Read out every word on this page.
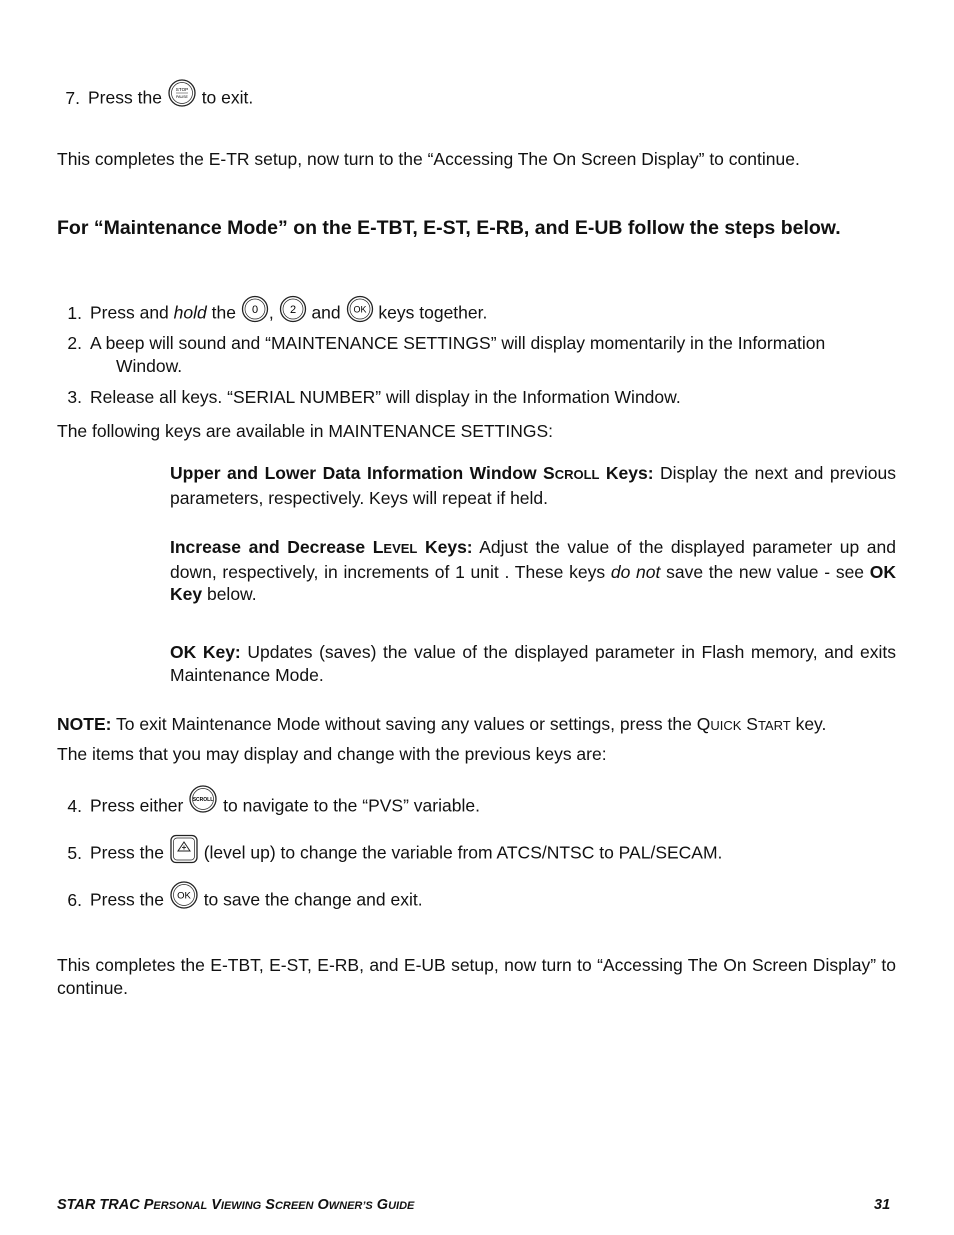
7. Press the	STOP
PAUSE to exit.
This completes the E-TR setup, now turn to the “Accessing The On Screen Display” to continue.
For “Maintenance Mode” on the E-TBT, E-ST, E-RB, and E-UB follow the steps below.
1. Press and hold the 0 , 2 and OK keys together.
2. A beep will sound and “MAINTENANCE SETTINGS” will display momentarily in the Information
Window.
3. Release all keys. “SERIAL NUMBER” will display in the Information Window.
The following keys are available in MAINTENANCE SETTINGS:
Upper and Lower Data Information Window SCROLL Keys: Display the next and previous parameters, respectively. Keys will repeat if held.
Increase and Decrease LEVEL Keys: Adjust the value of the displayed parameter up and down, respectively, in increments of 1 unit . These keys do not save the new value - see OK Key below.
OK Key: Updates (saves) the value of the displayed parameter in Flash memory, and exits Maintenance Mode.
NOTE: To exit Maintenance Mode without saving any values or settings, press the QUICK START key.
The items that you may display and change with the previous keys are:
4. Press either SCROLL to navigate to the “PVS” variable.
5. Press the (level up) to change the variable from ATCS/NTSC to PAL/SECAM.
6. Press the OK to save the change and exit.
This completes the E-TBT, E-ST, E-RB, and E-UB setup, now turn to “Accessing The On Screen Display” to continue.
STAR TRAC PERSONAL VIEWING SCREEN OWNER’S GUIDE	31
